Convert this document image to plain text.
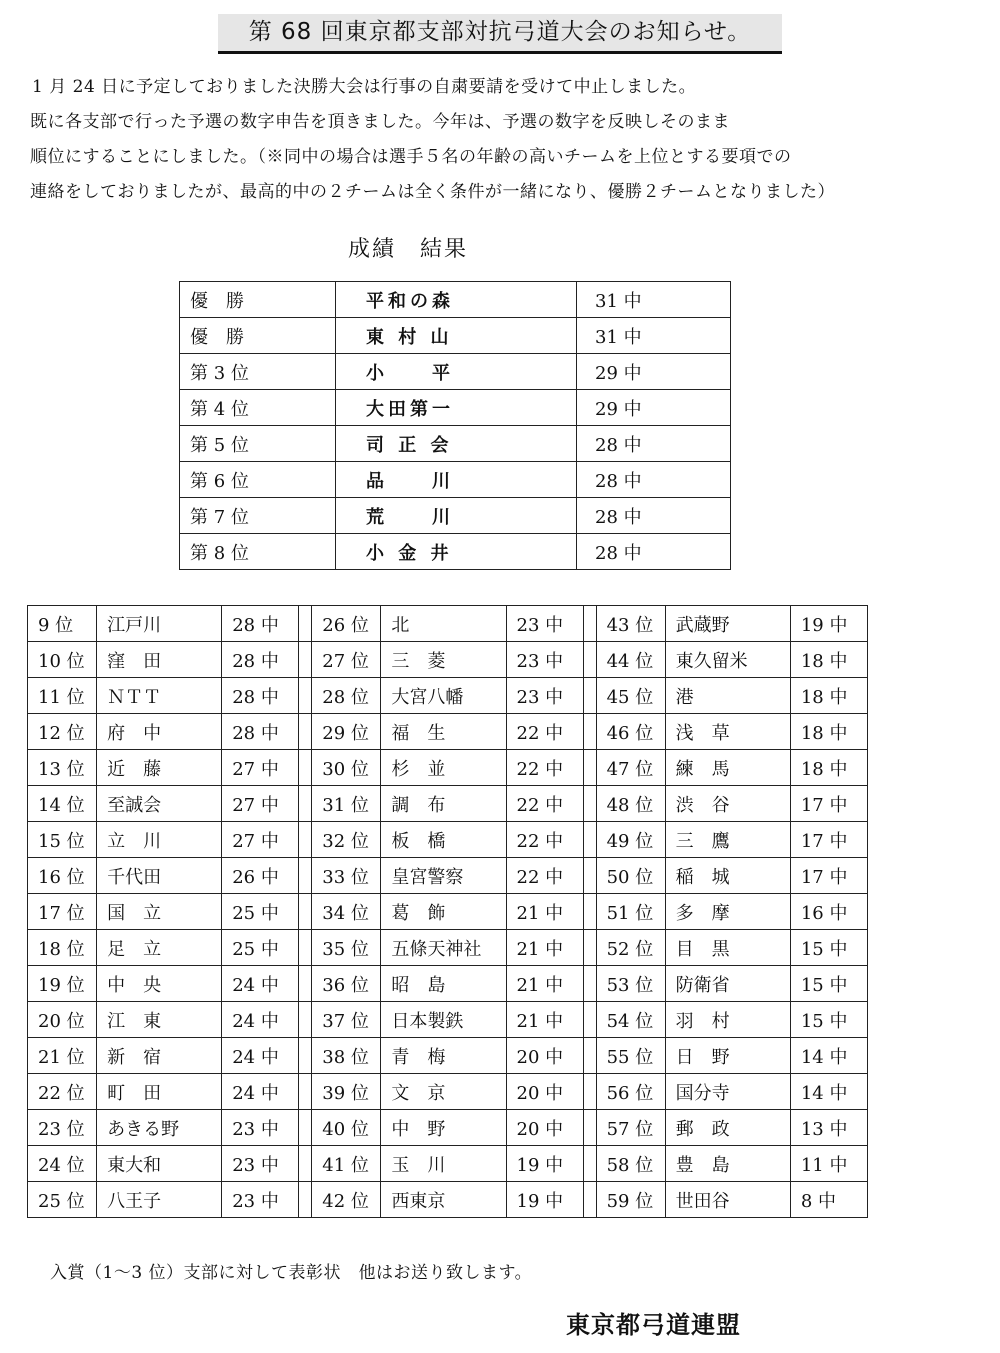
第 68 回東京都支部対抗弓道大会のお知らせ。
1 月 24 日に予定しておりました決勝大会は行事の自粛要請を受けて中止しました。
既に各支部で行った予選の数字申告を頂きました。今年は、予選の数字を反映しそのまま
順位にすることにしました。（※同中の場合は選手５名の年齢の高いチームを上位とする要項での
連絡をしておりましたが、最高的中の２チームは全く条件が一緒になり、優勝２チームとなりました）
成績　結果
優　勝	平和の森	31 中
優　勝	東 村 山	31 中
第 3 位	小　　平	29 中
第 4 位	大田第一	29 中
第 5 位	司 正 会	28 中
第 6 位	品　　川	28 中
第 7 位	荒　　川	28 中
第 8 位	小 金 井	28 中
9 位	江戸川	28 中		26 位	北	23 中		43 位	武蔵野	19 中
10 位	窪　田	28 中		27 位	三　菱	23 中		44 位	東久留米	18 中
11 位	ＮＴＴ	28 中		28 位	大宮八幡	23 中		45 位	港	18 中
12 位	府　中	28 中		29 位	福　生	22 中		46 位	浅　草	18 中
13 位	近　藤	27 中		30 位	杉　並	22 中		47 位	練　馬	18 中
14 位	至誠会	27 中		31 位	調　布	22 中		48 位	渋　谷	17 中
15 位	立　川	27 中		32 位	板　橋	22 中		49 位	三　鷹	17 中
16 位	千代田	26 中		33 位	皇宮警察	22 中		50 位	稲　城	17 中
17 位	国　立	25 中		34 位	葛　飾	21 中		51 位	多　摩	16 中
18 位	足　立	25 中		35 位	五條天神社	21 中		52 位	目　黒	15 中
19 位	中　央	24 中		36 位	昭　島	21 中		53 位	防衛省	15 中
20 位	江　東	24 中		37 位	日本製鉄	21 中		54 位	羽　村	15 中
21 位	新　宿	24 中		38 位	青　梅	20 中		55 位	日　野	14 中
22 位	町　田	24 中		39 位	文　京	20 中		56 位	国分寺	14 中
23 位	あきる野	23 中		40 位	中　野	20 中		57 位	郵　政	13 中
24 位	東大和	23 中		41 位	玉　川	19 中		58 位	豊　島	11 中
25 位	八王子	23 中		42 位	西東京	19 中		59 位	世田谷	8 中
入賞（1～3 位）支部に対して表彰状　他はお送り致します。
東京都弓道連盟
